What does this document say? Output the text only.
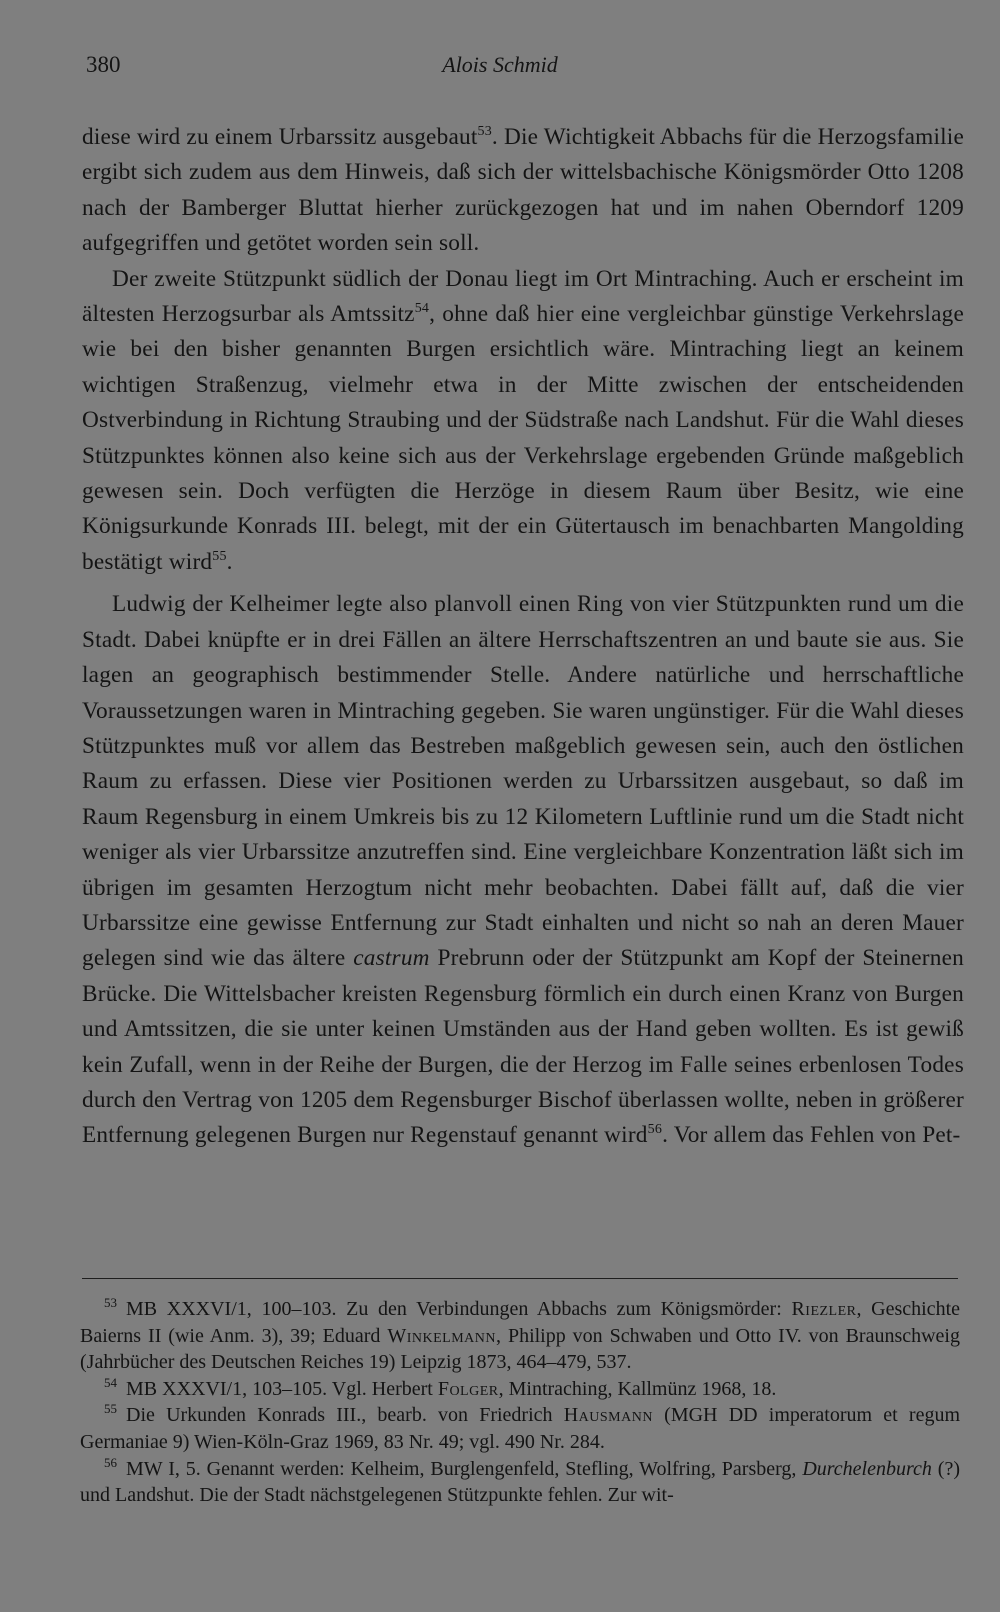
380	Alois Schmid

diese wird zu einem Urbarssitz ausgebaut$^{53}$. Die Wichtigkeit Abbachs für die Herzogsfamilie ergibt sich zudem aus dem Hinweis, daß sich der wittelsbachische Königsmörder Otto 1208 nach der Bamberger Bluttat hierher zurückgezogen hat und im nahen Oberndorf 1209 aufgegriffen und getötet worden sein soll.

Der zweite Stützpunkt südlich der Donau liegt im Ort Mintraching. Auch er erscheint im ältesten Herzogsurbar als Amtssitz$^{54}$, ohne daß hier eine vergleichbar günstige Verkehrslage wie bei den bisher genannten Burgen ersichtlich wäre. Mintraching liegt an keinem wichtigen Straßenzug, vielmehr etwa in der Mitte zwischen der entscheidenden Ostverbindung in Richtung Straubing und der Südstraße nach Landshut. Für die Wahl dieses Stützpunktes können also keine sich aus der Verkehrslage ergebenden Gründe maßgeblich gewesen sein. Doch verfügten die Herzöge in diesem Raum über Besitz, wie eine Königsurkunde Konrads III. belegt, mit der ein Gütertausch im benachbarten Mangolding bestätigt wird$^{55}$.

Ludwig der Kelheimer legte also planvoll einen Ring von vier Stützpunkten rund um die Stadt. Dabei knüpfte er in drei Fällen an ältere Herrschaftszentren an und baute sie aus. Sie lagen an geographisch bestimmender Stelle. Andere natürliche und herrschaftliche Voraussetzungen waren in Mintraching gegeben. Sie waren ungünstiger. Für die Wahl dieses Stützpunktes muß vor allem das Bestreben maßgeblich gewesen sein, auch den östlichen Raum zu erfassen. Diese vier Positionen werden zu Urbarssitzen ausgebaut, so daß im Raum Regensburg in einem Umkreis bis zu 12 Kilometern Luftlinie rund um die Stadt nicht weniger als vier Urbarssitze anzutreffen sind. Eine vergleichbare Konzentration läßt sich im übrigen im gesamten Herzogtum nicht mehr beobachten. Dabei fällt auf, daß die vier Urbarssitze eine gewisse Entfernung zur Stadt einhalten und nicht so nah an deren Mauer gelegen sind wie das ältere castrum Prebrunn oder der Stützpunkt am Kopf der Steinernen Brücke. Die Wittelsbacher kreisten Regensburg förmlich ein durch einen Kranz von Burgen und Amtssitzen, die sie unter keinen Umständen aus der Hand geben wollten. Es ist gewiß kein Zufall, wenn in der Reihe der Burgen, die der Herzog im Falle seines erbenlosen Todes durch den Vertrag von 1205 dem Regensburger Bischof überlassen wollte, neben in größerer Entfernung gelegenen Burgen nur Regenstauf genannt wird$^{56}$. Vor allem das Fehlen von Pet-

53 MB XXXVI/1, 100–103. Zu den Verbindungen Abbachs zum Königsmörder: Riezler, Geschichte Baierns II (wie Anm. 3), 39; Eduard Winkelmann, Philipp von Schwaben und Otto IV. von Braunschweig (Jahrbücher des Deutschen Reiches 19) Leipzig 1873, 464–479, 537.

54 MB XXXVI/1, 103–105. Vgl. Herbert Folger, Mintraching, Kallmünz 1968, 18.

55 Die Urkunden Konrads III., bearb. von Friedrich Hausmann (MGH DD imperatorum et regum Germaniae 9) Wien-Köln-Graz 1969, 83 Nr. 49; vgl. 490 Nr. 284.

56 MW I, 5. Genannt werden: Kelheim, Burglengenfeld, Stefling, Wolfring, Parsberg, Durchelenburch (?) und Landshut. Die der Stadt nächstgelegenen Stützpunkte fehlen. Zur wit-
